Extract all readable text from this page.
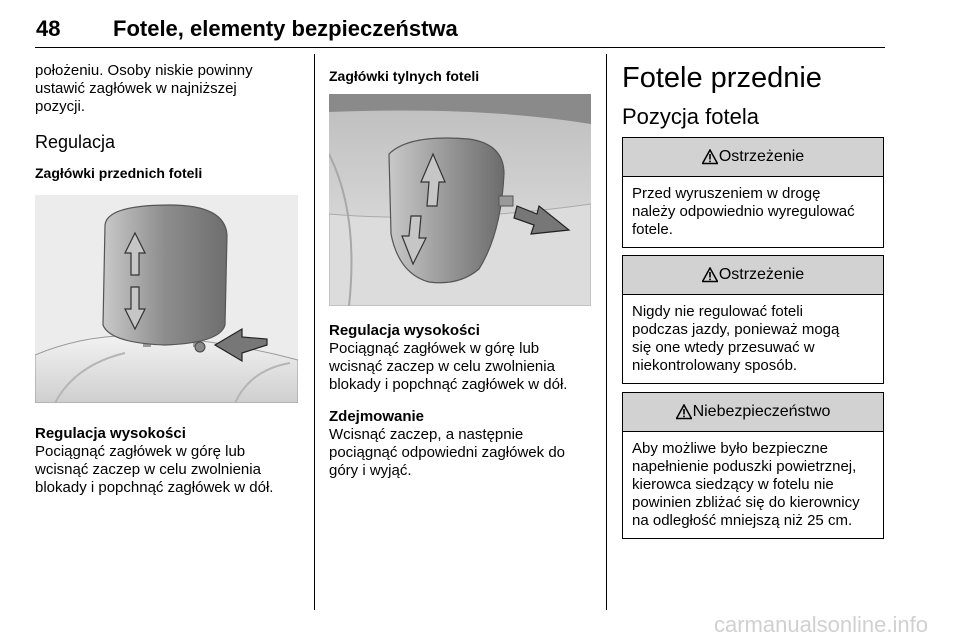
48 Fotele, elementy bezpieczeństwa

położeniu. Osoby niskie powinny

ustawić zagłówek w najniższej

pozycji.

Regulacja

Zagłówki przednich foteli

Regulacja wysokości

Pociągnąć zagłówek w górę lub

wcisnąć zaczep w celu zwolnienia

blokady i popchnąć zagłówek w dół.

Zagłówki tylnych foteli

Regulacja wysokości

Pociągnąć zagłówek w górę lub

wcisnąć zaczep w celu zwolnienia

blokady i popchnąć zagłówek w dół.

Zdejmowanie

Wcisnąć zaczep, a następnie

pociągnąć odpowiedni zagłówek do

góry i wyjąć.

Fotele przednie

Pozycja fotela

Ostrzeżenie
Przed wyruszeniem w drogę
należy odpowiednio wyregulować
fotele.
Ostrzeżenie
Nigdy nie regulować foteli
podczas jazdy, ponieważ mogą
się one wtedy przesuwać w
niekontrolowany sposób.
Niebezpieczeństwo
Aby możliwe było bezpieczne
napełnienie poduszki powietrznej,
kierowca siedzący w fotelu nie
powinien zbliżać się do kierownicy
na odległość mniejszą niż 25 cm.
carmanualsonline.info
